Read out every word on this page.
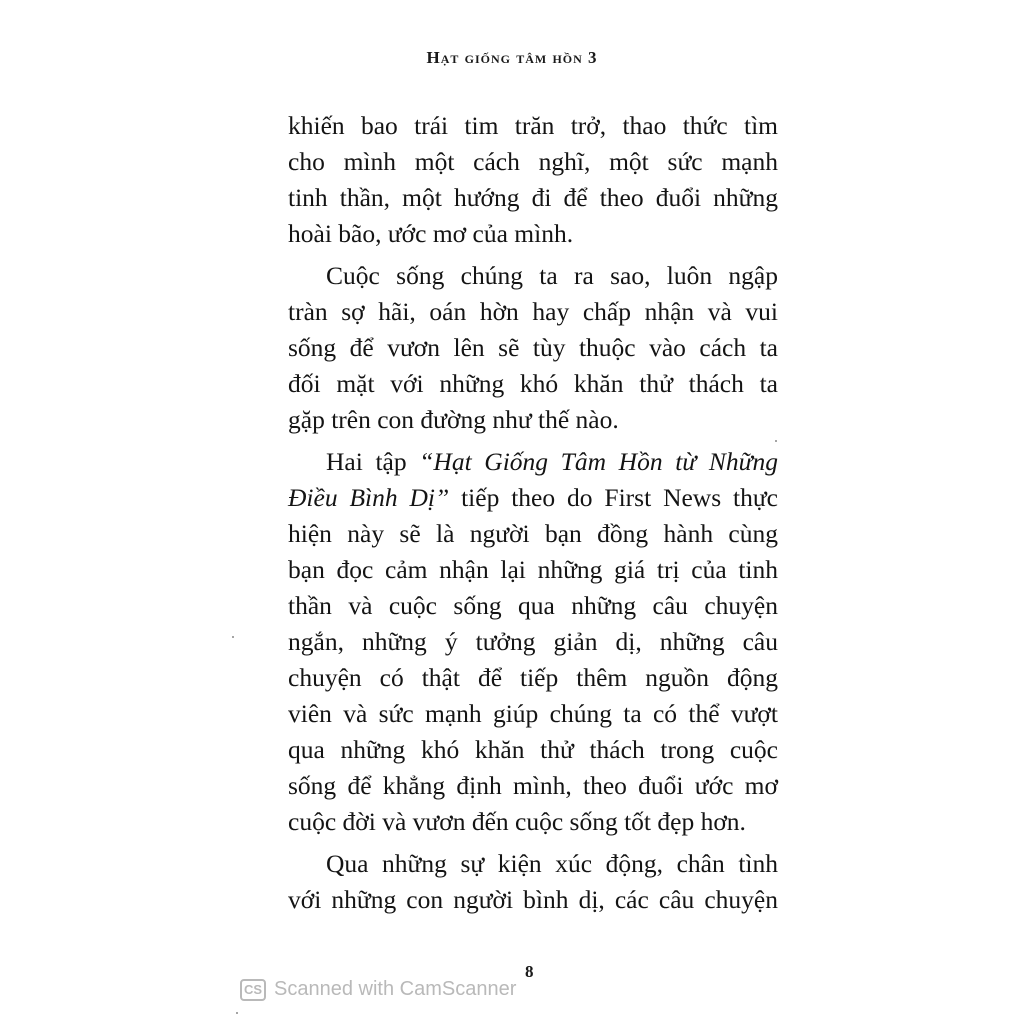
Hạt giống tâm hồn 3
khiến bao trái tim trăn trở, thao thức tìm
cho mình một cách nghĩ, một sức mạnh
tinh thần, một hướng đi để theo đuổi những
hoài bão, ước mơ của mình.
Cuộc sống chúng ta ra sao, luôn ngập
tràn sợ hãi, oán hờn hay chấp nhận và vui
sống để vươn lên sẽ tùy thuộc vào cách ta
đối mặt với những khó khăn thử thách ta
gặp trên con đường như thế nào.
Hai tập “Hạt Giống Tâm Hồn từ Những
Điều Bình Dị” tiếp theo do First News thực
hiện này sẽ là người bạn đồng hành cùng
bạn đọc cảm nhận lại những giá trị của tinh
thần và cuộc sống qua những câu chuyện
ngắn, những ý tưởng giản dị, những câu
chuyện có thật để tiếp thêm nguồn động
viên và sức mạnh giúp chúng ta có thể vượt
qua những khó khăn thử thách trong cuộc
sống để khẳng định mình, theo đuổi ước mơ
cuộc đời và vươn đến cuộc sống tốt đẹp hơn.
Qua những sự kiện xúc động, chân tình
với những con người bình dị, các câu chuyện
8
CS Scanned with CamScanner
